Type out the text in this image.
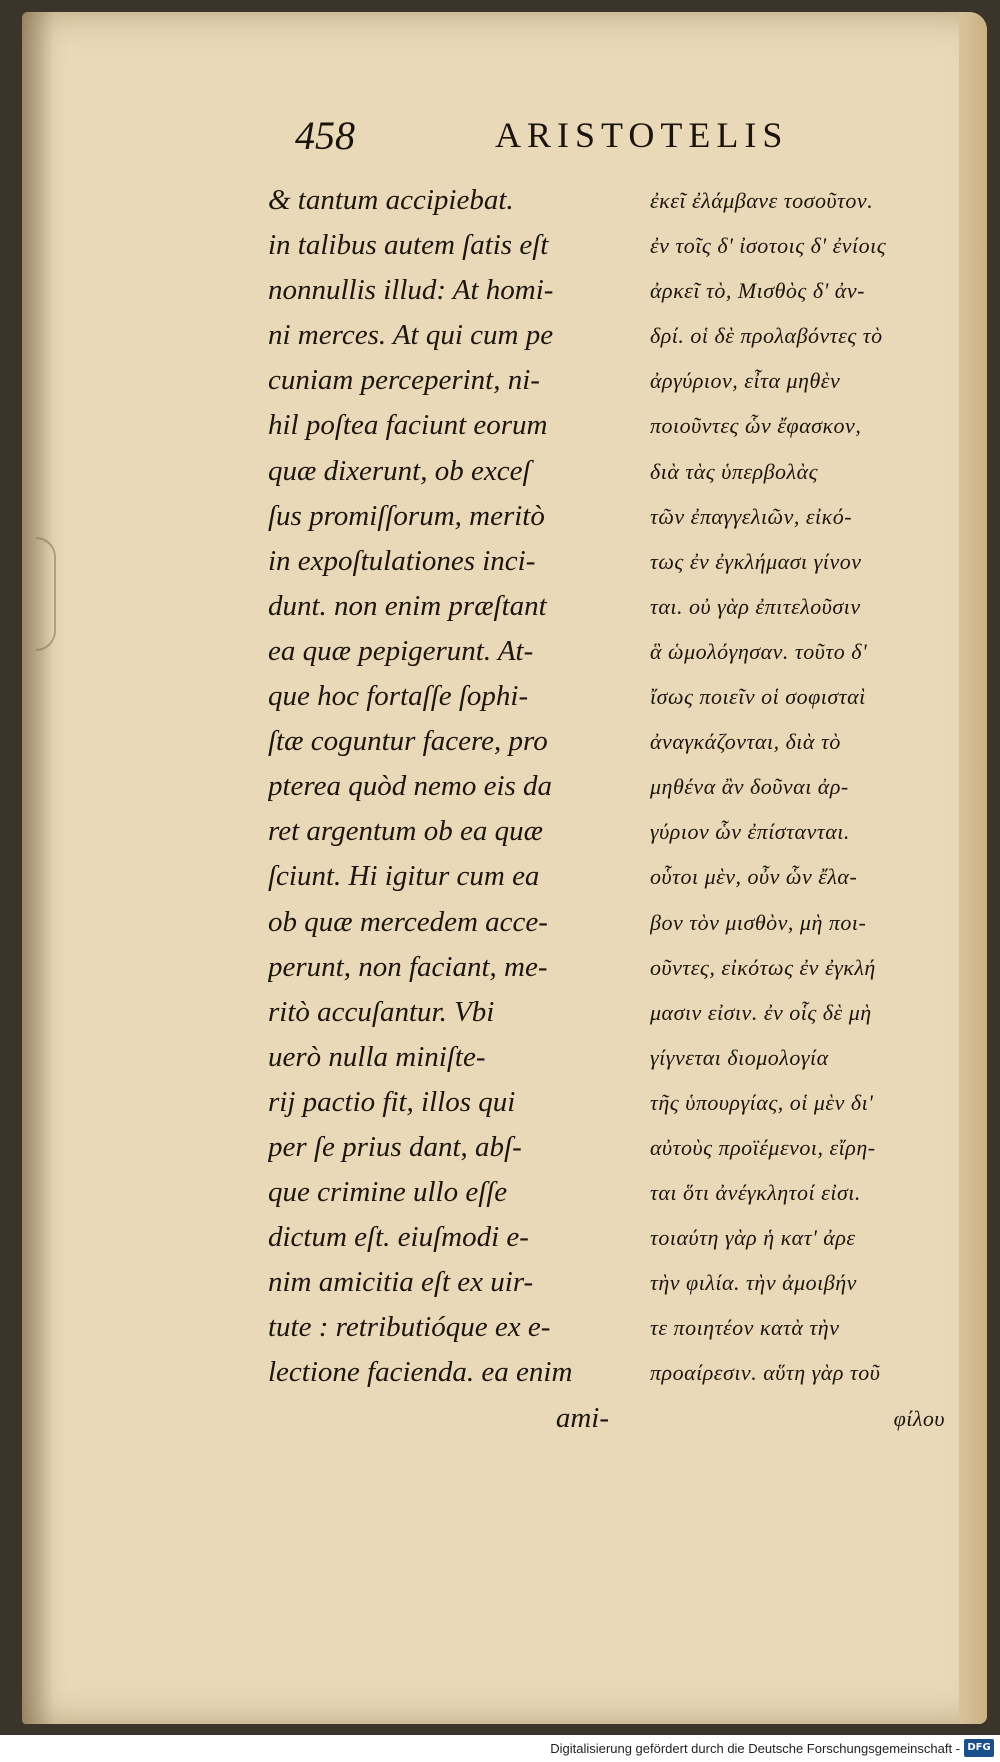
458	ARISTOTELIS
& tantum accipiebat.
in talibus autem ſatis eſt
nonnullis illud: At homi-
ni merces. At qui cum pe
cuniam perceperint, ni-
hil poſtea faciunt eorum
quæ dixerunt, ob exceſ
ſus promiſſorum, meritò
in expoſtulationes inci-
dunt. non enim præſtant
ea quæ pepigerunt. At-
que hoc fortaſſe ſophi-
ſtæ coguntur facere, pro
pterea quòd nemo eis da
ret argentum ob ea quæ
ſciunt. Hi igitur cum ea
ob quæ mercedem acce-
perunt, non faciant, me-
ritò accuſantur. Vbi
uerò nulla miniſte-
rij pactio fit, illos qui
per ſe prius dant, abſ-
que crimine ullo eſſe
dictum eſt. eiuſmodi e-
nim amicitia eſt ex uir-
tute : retributióque ex e-
lectione facienda. ea enim
ami-
ἐκεῖ ἐλάμβανε τοσοῦτον.
ἐν τοῖς δ' ἰσοτοις δ' ἐνίοις
ἀρκεῖ τὸ, Μισθὸς δ' ἀν-
δρί. οἱ δὲ προλαβόντες τὸ
ἀργύριον, εἶτα μηθὲν
ποιοῦντες ὧν ἔφασκον,
διὰ τὰς ὑπερβολὰς
τῶν ἐπαγγελιῶν, εἰκό-
τως ἐν ἐγκλήμασι γίνον
ται. οὐ γὰρ ἐπιτελοῦσιν
ἃ ὡμολόγησαν. τοῦτο δ'
ἴσως ποιεῖν οἱ σοφισταὶ
ἀναγκάζονται, διὰ τὸ
μηθένα ἂν δοῦναι ἀρ-
γύριον ὧν ἐπίστανται.
οὗτοι μὲν, οὖν ὧν ἔλα-
βον τὸν μισθὸν, μὴ ποι-
οῦντες, εἰκότως ἐν ἐγκλή
μασιν εἰσιν. ἐν οἷς δὲ μὴ
γίγνεται διομολογία
τῆς ὑπουργίας, οἱ μὲν δι'
αὐτοὺς προϊέμενοι, εἴρη-
ται ὅτι ἀνέγκλητοί εἰσι.
τοιαύτη γὰρ ἡ κατ' ἀρε
τὴν φιλία. τὴν ἀμοιβήν
τε ποιητέον κατὰ τὴν
προαίρεσιν. αὕτη γὰρ τοῦ
φίλου
Digitalisierung gefördert durch die Deutsche Forschungsgemeinschaft - DFG
